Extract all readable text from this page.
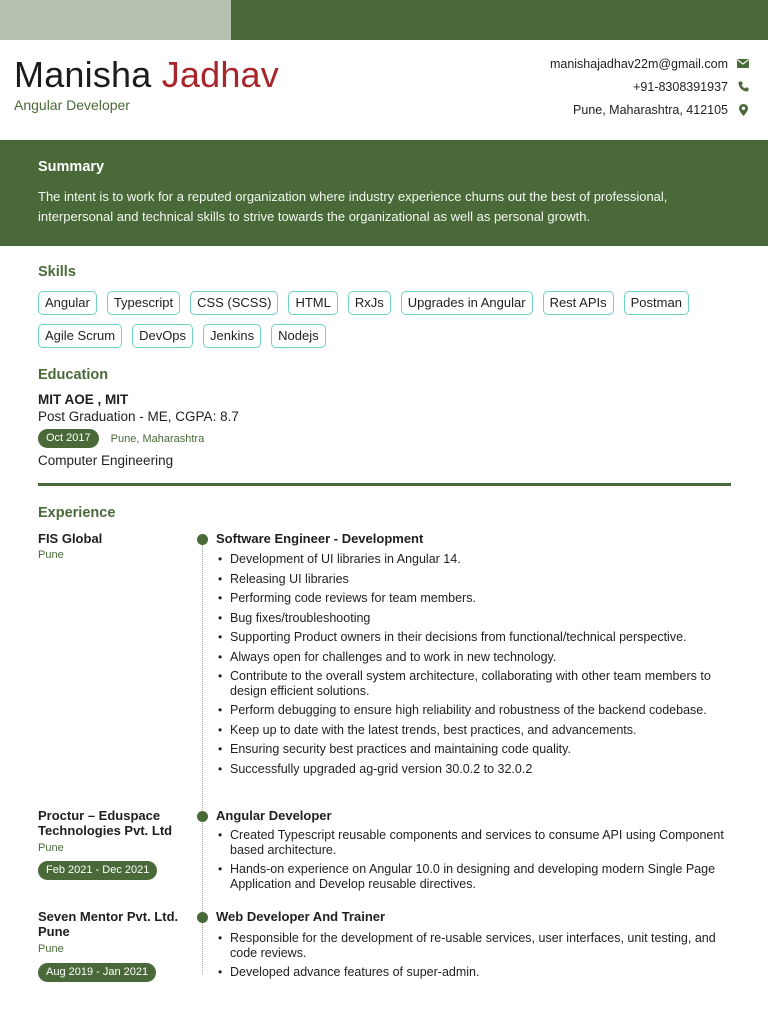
Manisha Jadhav
Angular Developer
manishajadhav22m@gmail.com
+91-8308391937
Pune, Maharashtra, 412105
Summary

The intent is to work for a reputed organization where industry experience churns out the best of professional, interpersonal and technical skills to strive towards the organizational as well as personal growth.

Skills
Angular	Typescript	CSS (SCSS)	HTML	RxJs	Upgrades in Angular	Rest APIs	Postman
Agile Scrum	DevOps	Jenkins	Nodejs
Education
MIT AOE , MIT
Post Graduation - ME, CGPA: 8.7
Oct 2017	Pune, Maharashtra
Computer Engineering
Experience
FIS Global
Pune
Software Engineer - Development
• Development of UI libraries in Angular 14.
• Releasing UI libraries
• Performing code reviews for team members.
• Bug fixes/troubleshooting
• Supporting Product owners in their decisions from functional/technical perspective.
• Always open for challenges and to work in new technology.
• Contribute to the overall system architecture, collaborating with other team members to design efficient solutions.
• Perform debugging to ensure high reliability and robustness of the backend codebase.
• Keep up to date with the latest trends, best practices, and advancements.
• Ensuring security best practices and maintaining code quality.
• Successfully upgraded ag-grid version 30.0.2 to 32.0.2
Proctur – Eduspace Technologies Pvt. Ltd
Pune
Feb 2021 - Dec 2021
Angular Developer
• Created Typescript reusable components and services to consume API using Component based architecture.
• Hands-on experience on Angular 10.0 in designing and developing modern Single Page Application and Develop reusable directives.
Seven Mentor Pvt. Ltd. Pune
Pune
Aug 2019 - Jan 2021
Web Developer And Trainer
• Responsible for the development of re-usable services, user interfaces, unit testing, and code reviews.
• Developed advance features of super-admin.
